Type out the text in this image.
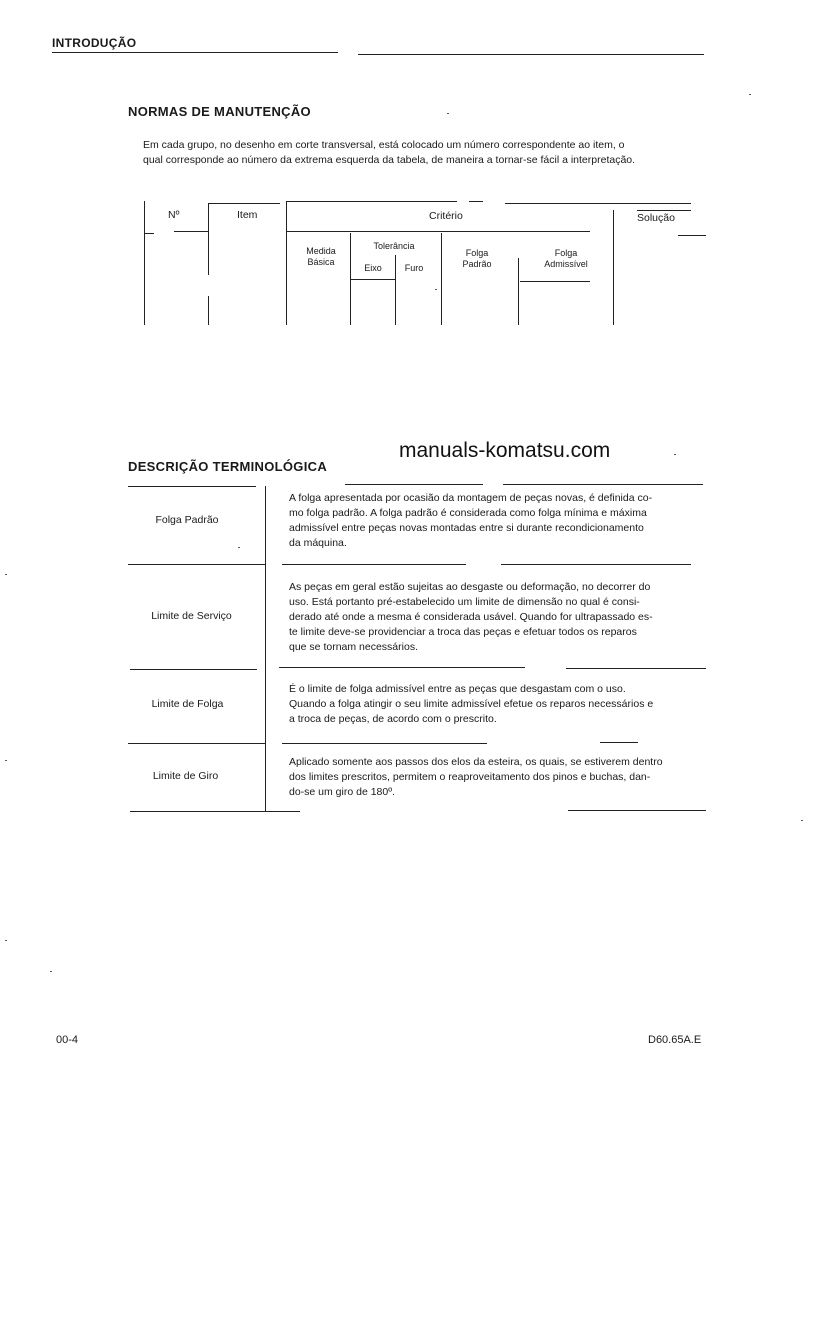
INTRODUÇÃO
NORMAS DE MANUTENÇÃO
Em cada grupo, no desenho em corte transversal, está colocado um número correspondente ao item, o
qual corresponde ao número da extrema esquerda da tabela, de maneira a tornar-se fácil a interpretação.
Nº	Item	Critério	Solução
Medida
Básica
Tolerância
Eixo	Furo
Folga
Padrão
Folga
Admissível
manuals-komatsu.com
DESCRIÇÃO TERMINOLÓGICA
Folga Padrão
A folga apresentada por ocasião da montagem de peças novas, é definida co-
mo folga padrão. A folga padrão é considerada como folga mínima e máxima
admissível entre peças novas montadas entre si durante recondicionamento
da máquina.
Limite de Serviço
As peças em geral estão sujeitas ao desgaste ou deformação, no decorrer do
uso. Está portanto pré-estabelecido um limite de dimensão no qual é consi-
derado até onde a mesma é considerada usável. Quando for ultrapassado es-
te limite deve-se providenciar a troca das peças e efetuar todos os reparos
que se tornam necessários.
Limite de Folga
É o limite de folga admissível entre as peças que desgastam com o uso.
Quando a folga atingir o seu limite admissível efetue os reparos necessários e
a troca de peças, de acordo com o prescrito.
Limite de Giro
Aplicado somente aos passos dos elos da esteira, os quais, se estiverem dentro
dos limites prescritos, permitem o reaproveitamento dos pinos e buchas, dan-
do-se um giro de 180º.
00-4	D60.65A.E
